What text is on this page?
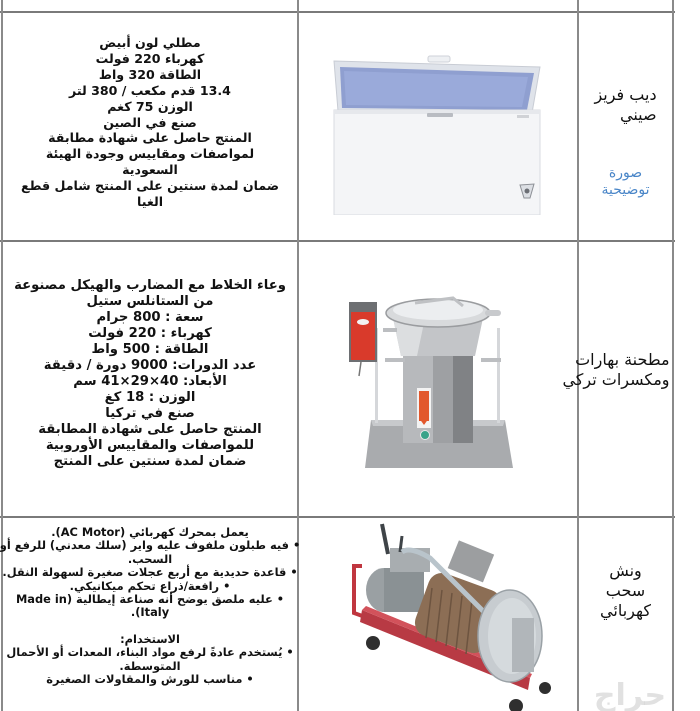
مطلي لون أبيض
كهرباء 220 فولت
الطاقة 320 واط
13.4 قدم مكعب / 380 لتر
الوزن 75 كغم
صنع في الصين
المنتج حاصل على شهادة مطابقة
لمواصفات ومقاييس وجودة الهيئة
السعودية
ضمان لمدة سنتين على المنتج شامل قطع
الغيا
ديب فريز
صيني
صورة
توضيحية
وعاء الخلاط مع المضارب والهيكل مصنوعة
من الستانلس ستيل
سعة : 800 جرام
كهرباء : 220 فولت
الطاقة : 500 واط
عدد الدورات: 9000 دورة / دقيقة
الأبعاد: 40×29×41 سم
الوزن : 18 كغ
صنع في تركيا
المنتج حاصل على شهادة المطابقة
للمواصفات والمقاييس الأوروبية
ضمان لمدة سنتين على المنتج
مطحنة بهارات
ومكسرات تركي
يعمل بمحرك كهربائي (AC Motor).
• فيه طبلون ملفوف عليه واير (سلك معدني) للرفع أو
السحب.
• قاعدة حديدية مع أربع عجلات صغيرة لسهولة النقل.
• رافعة/ذراع تحكم ميكانيكي.
• عليه ملصق يوضح أنه صناعة إيطالية (Made in
Italy).
الاستخدام:
• يُستخدم عادةً لرفع مواد البناء، المعدات أو الأحمال
المتوسطة.
• مناسب للورش والمقاولات الصغيرة
ونش
سحب
كهربائي
حراج
